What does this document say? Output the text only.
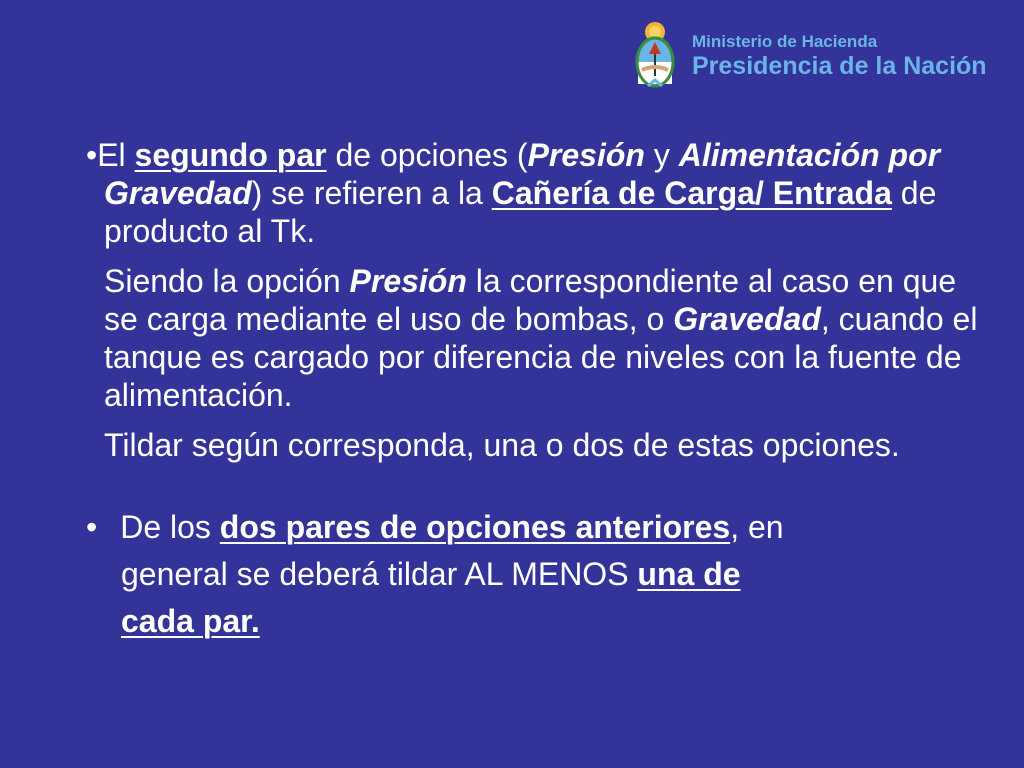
Ministerio de Hacienda
Presidencia de la Nación
•El segundo par de opciones (Presión y Alimentación por Gravedad) se refieren a la Cañería de Carga/ Entrada de producto al Tk.
Siendo la opción Presión la correspondiente al caso en que se carga mediante el uso de bombas, o Gravedad, cuando el tanque es cargado por diferencia de niveles con la fuente de alimentación.
Tildar según corresponda, una o dos de estas opciones.
• De los dos pares de opciones anteriores, en
general se deberá tildar AL MENOS una de
cada par.
